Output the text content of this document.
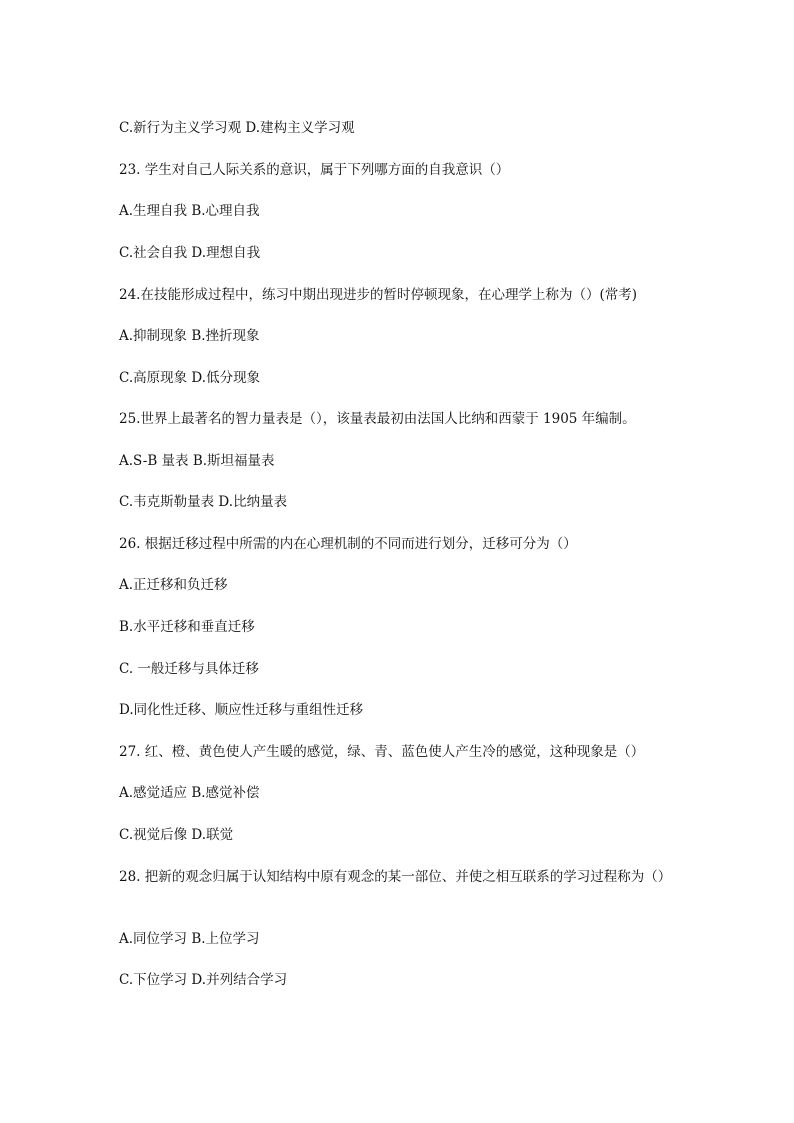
C.新行为主义学习观 D.建构主义学习观
23. 学生对自己人际关系的意识，属于下列哪方面的自我意识（）
A.生理自我 B.心理自我
C.社会自我 D.理想自我
24.在技能形成过程中，练习中期出现进步的暂时停顿现象，在心理学上称为（）(常考)
A.抑制现象 B.挫折现象
C.高原现象 D.低分现象
25.世界上最著名的智力量表是（），该量表最初由法国人比纳和西蒙于 1905 年编制。
A.S-B 量表 B.斯坦福量表
C.韦克斯勒量表 D.比纳量表
26. 根据迁移过程中所需的内在心理机制的不同而进行划分，迁移可分为（）
A.正迁移和负迁移
B.水平迁移和垂直迁移
C. 一般迁移与具体迁移
D.同化性迁移、顺应性迁移与重组性迁移
27. 红、橙、黄色使人产生暖的感觉，绿、青、蓝色使人产生冷的感觉，这种现象是（）
A.感觉适应 B.感觉补偿
C.视觉后像 D.联觉
28. 把新的观念归属于认知结构中原有观念的某一部位、并使之相互联系的学习过程称为（）
A.同位学习 B.上位学习
C.下位学习 D.并列结合学习
